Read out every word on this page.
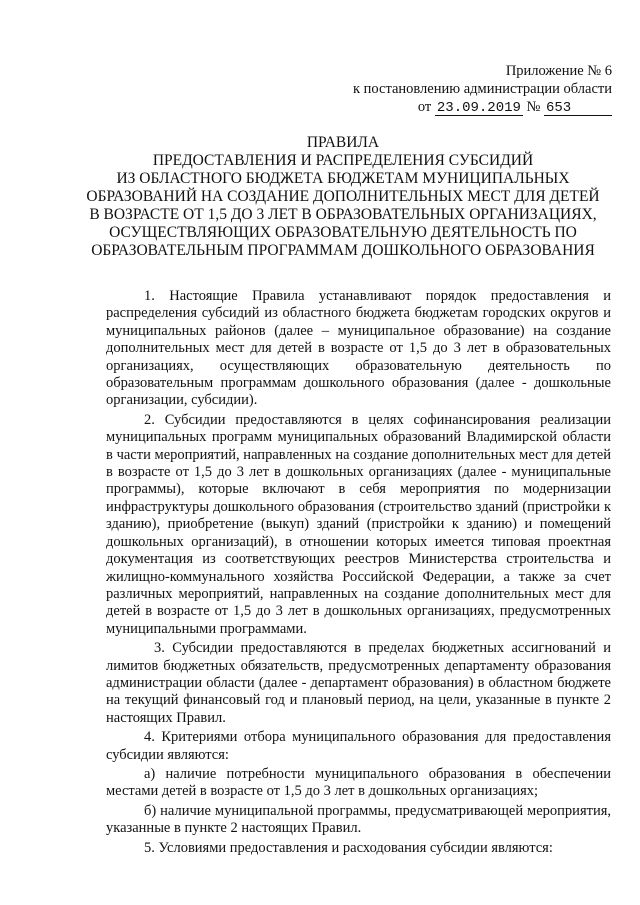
Приложение № 6
к постановлению администрации области
от 23.09.2019 № 653
ПРАВИЛА
ПРЕДОСТАВЛЕНИЯ И РАСПРЕДЕЛЕНИЯ СУБСИДИЙ
ИЗ ОБЛАСТНОГО БЮДЖЕТА БЮДЖЕТАМ МУНИЦИПАЛЬНЫХ
ОБРАЗОВАНИЙ НА СОЗДАНИЕ ДОПОЛНИТЕЛЬНЫХ МЕСТ ДЛЯ ДЕТЕЙ
В ВОЗРАСТЕ ОТ 1,5 ДО 3 ЛЕТ В ОБРАЗОВАТЕЛЬНЫХ ОРГАНИЗАЦИЯХ,
ОСУЩЕСТВЛЯЮЩИХ ОБРАЗОВАТЕЛЬНУЮ ДЕЯТЕЛЬНОСТЬ ПО
ОБРАЗОВАТЕЛЬНЫМ ПРОГРАММАМ ДОШКОЛЬНОГО ОБРАЗОВАНИЯ

1. Настоящие Правила устанавливают порядок предоставления и распределения субсидий из областного бюджета бюджетам городских округов и муниципальных районов (далее – муниципальное образование) на создание дополнительных мест для детей в возрасте от 1,5 до 3 лет в образовательных организациях, осуществляющих образовательную деятельность по образовательным программам дошкольного образования (далее - дошкольные организации, субсидии).

2. Субсидии предоставляются в целях софинансирования реализации муниципальных программ муниципальных образований Владимирской области в части мероприятий, направленных на создание дополнительных мест для детей в возрасте от 1,5 до 3 лет в дошкольных организациях (далее - муниципальные программы), которые включают в себя мероприятия по модернизации инфраструктуры дошкольного образования (строительство зданий (пристройки к зданию), приобретение (выкуп) зданий (пристройки к зданию) и помещений дошкольных организаций), в отношении которых имеется типовая проектная документация из соответствующих реестров Министерства строительства и жилищно-коммунального хозяйства Российской Федерации, а также за счет различных мероприятий, направленных на создание дополнительных мест для детей в возрасте от 1,5 до 3 лет в дошкольных организациях, предусмотренных муниципальными программами.

3. Субсидии предоставляются в пределах бюджетных ассигнований и лимитов бюджетных обязательств, предусмотренных департаменту образования администрации области (далее - департамент образования) в областном бюджете на текущий финансовый год и плановый период, на цели, указанные в пункте 2 настоящих Правил.

4. Критериями отбора муниципального образования для предоставления субсидии являются:

а) наличие потребности муниципального образования в обеспечении местами детей в возрасте от 1,5 до 3 лет в дошкольных организациях;

б) наличие муниципальной программы, предусматривающей мероприятия, указанные в пункте 2 настоящих Правил.

5. Условиями предоставления и расходования субсидии являются:
